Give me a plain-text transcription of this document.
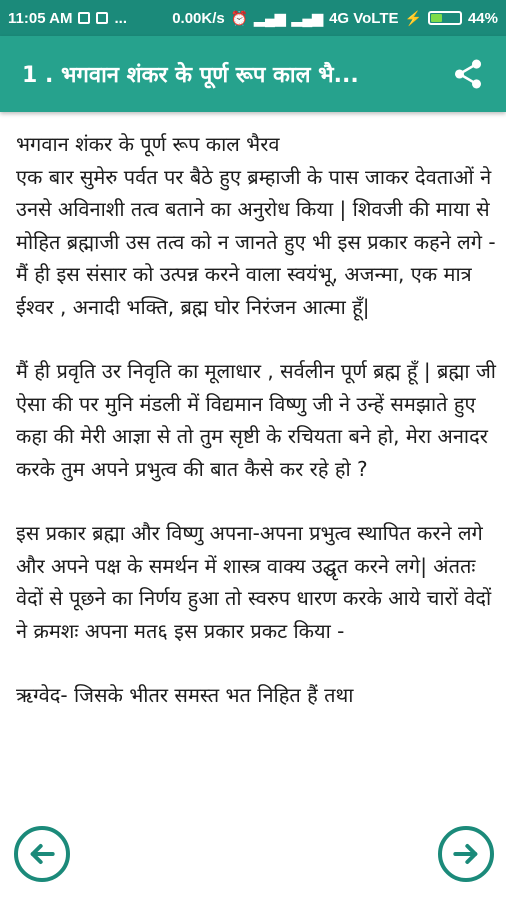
11:05 AM	...	0.00K/s ⏰ ▂▄▆ ▂▄▆ 4G VoLTE ⚡	44%
1 . भगवान शंकर के पूर्ण रूप काल भै...

भगवान शंकर के पूर्ण रूप काल भैरव

एक बार सुमेरु पर्वत पर बैठे हुए ब्रम्हाजी के पास जाकर देवताओं ने उनसे अविनाशी तत्व बताने का अनुरोध किया | शिवजी की माया से मोहित ब्रह्माजी उस तत्व को न जानते हुए भी इस प्रकार कहने लगे - मैं ही इस संसार को उत्पन्न करने वाला स्वयंभू, अजन्मा, एक मात्र ईश्वर , अनादी भक्ति, ब्रह्म घोर निरंजन आत्मा हूँ|

मैं ही प्रवृति उर निवृति का मूलाधार , सर्वलीन पूर्ण ब्रह्म हूँ | ब्रह्मा जी ऐसा की पर मुनि मंडली में विद्यमान विष्णु जी ने उन्हें समझाते हुए कहा की मेरी आज्ञा से तो तुम सृष्टी के रचियता बने हो, मेरा अनादर करके तुम अपने प्रभुत्व की बात कैसे कर रहे हो ?

इस प्रकार ब्रह्मा और विष्णु अपना-अपना प्रभुत्व स्थापित करने लगे और अपने पक्ष के समर्थन में शास्त्र वाक्य उद्घृत करने लगे| अंततः वेदों से पूछने का निर्णय हुआ तो स्वरुप धारण करके आये चारों वेदों ने क्रमशः अपना मत६ इस प्रकार प्रकट किया -

ऋग्वेद- जिसके भीतर समस्त भत निहित हैं तथा
